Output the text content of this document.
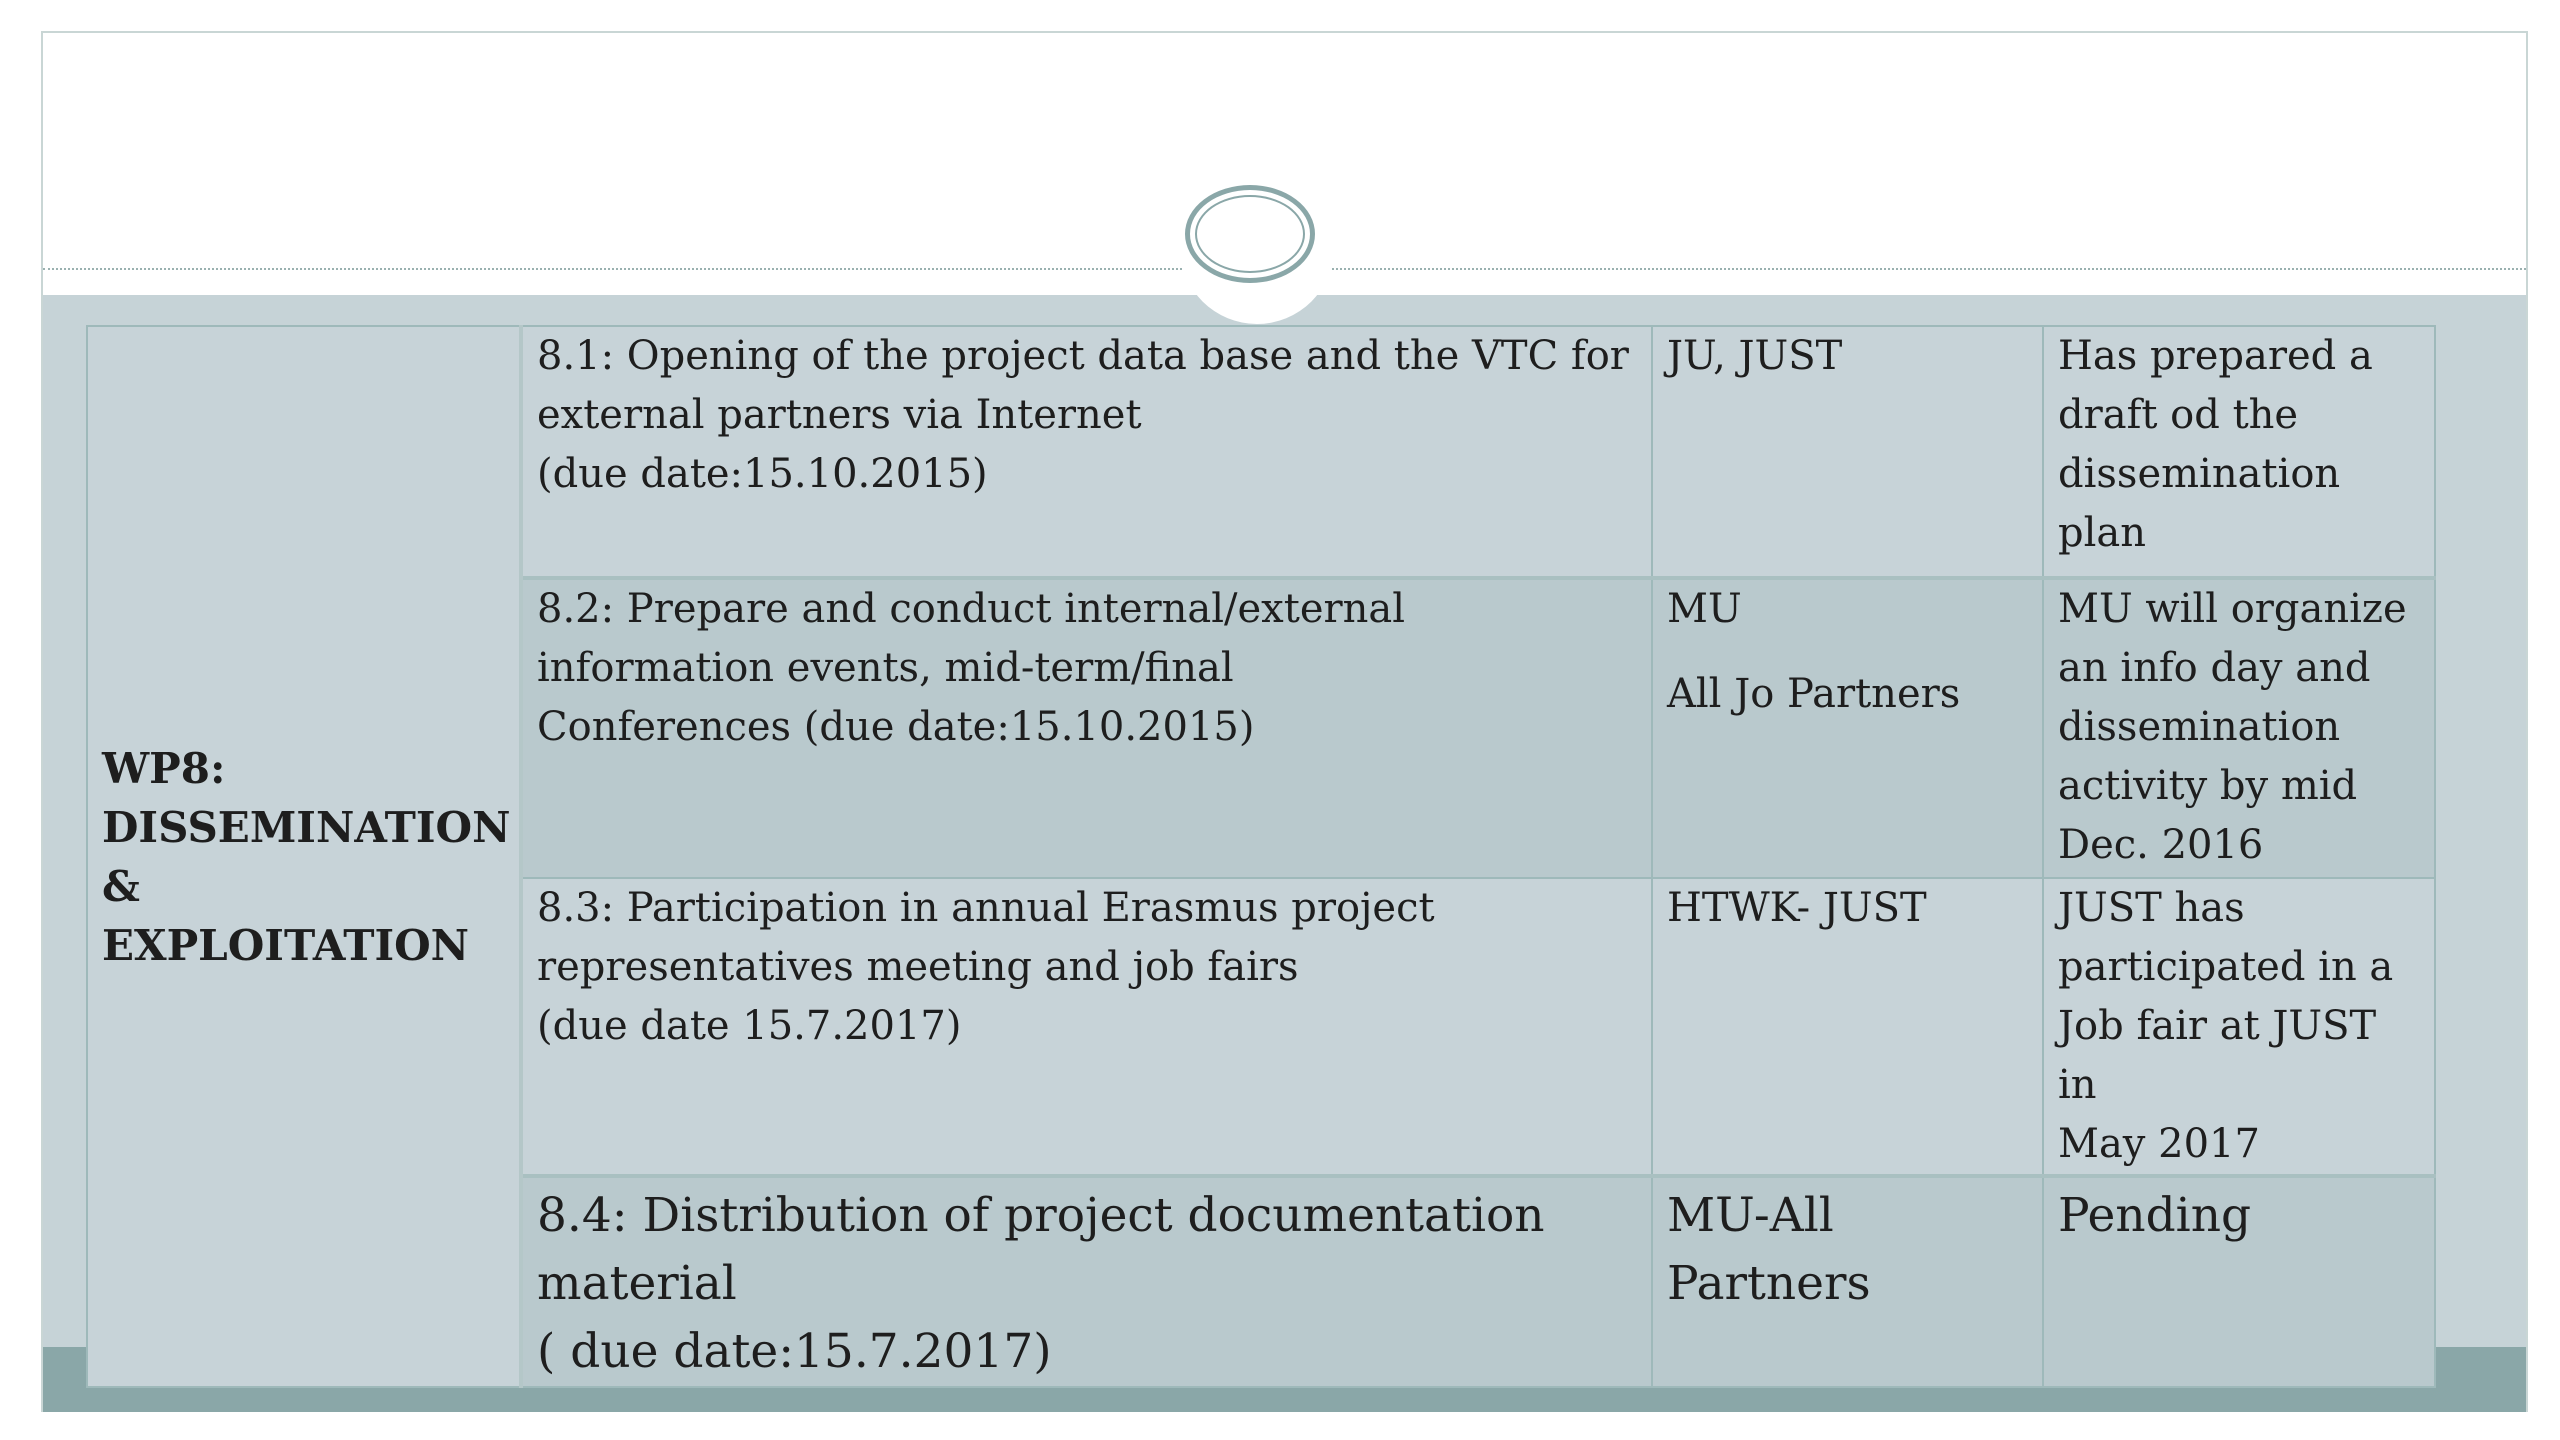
WP8:
DISSEMINATION
&
EXPLOITATION	8.1: Opening of the project data base and the VTC for
external partners via Internet
(due date:15.10.2015)	JU, JUST	Has prepared a
draft od the
dissemination
plan

	8.2: Prepare and conduct internal/external
information events, mid-term/final
Conferences (due date:15.10.2015)	MU
All Jo Partners	MU will organize
an info day and
dissemination
activity by mid
Dec. 2016

	8.3: Participation in annual Erasmus project
representatives meeting and job fairs
(due date 15.7.2017)	HTWK- JUST	JUST has
participated in a
Job fair at JUST in
May 2017

	8.4: Distribution of project documentation material
( due date:15.7.2017)	MU-All Partners	Pending
